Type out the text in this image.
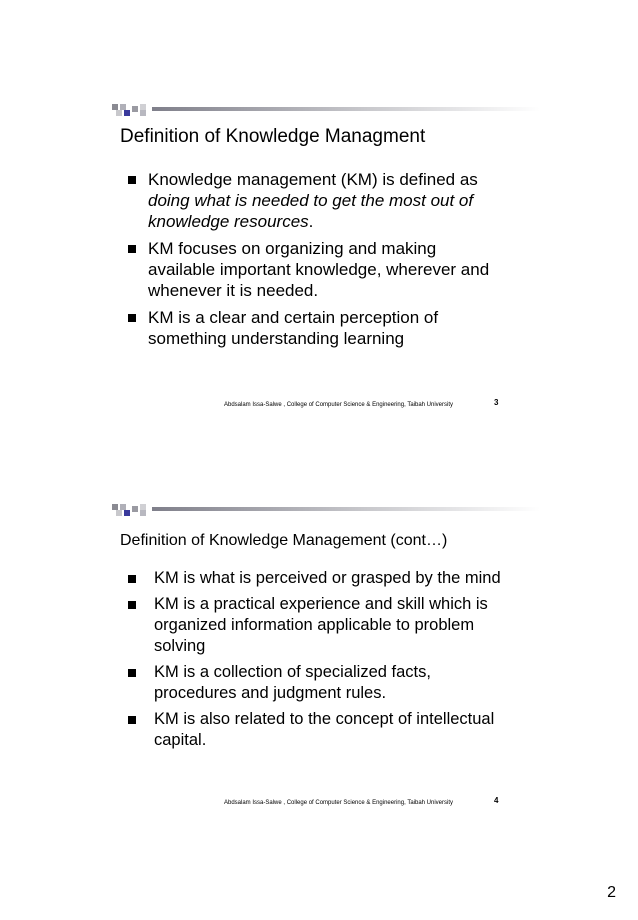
Definition of Knowledge Managment
Knowledge management (KM) is defined as doing what is needed to get the most out of knowledge resources.
KM focuses on organizing and making available important knowledge, wherever and whenever it is needed.
KM is a clear and certain perception of something understanding learning
Abdsalam Issa-Salwe , College of Computer Science & Engineering, Taibah University	3
Definition of Knowledge Management (cont…)
KM is what is perceived or grasped by the mind
KM is a practical experience and skill which is organized information applicable to problem solving
KM is a collection of specialized facts, procedures and judgment rules.
KM is also related to the concept of intellectual capital.
Abdsalam Issa-Salwe , College of Computer Science & Engineering, Taibah University	4
2
